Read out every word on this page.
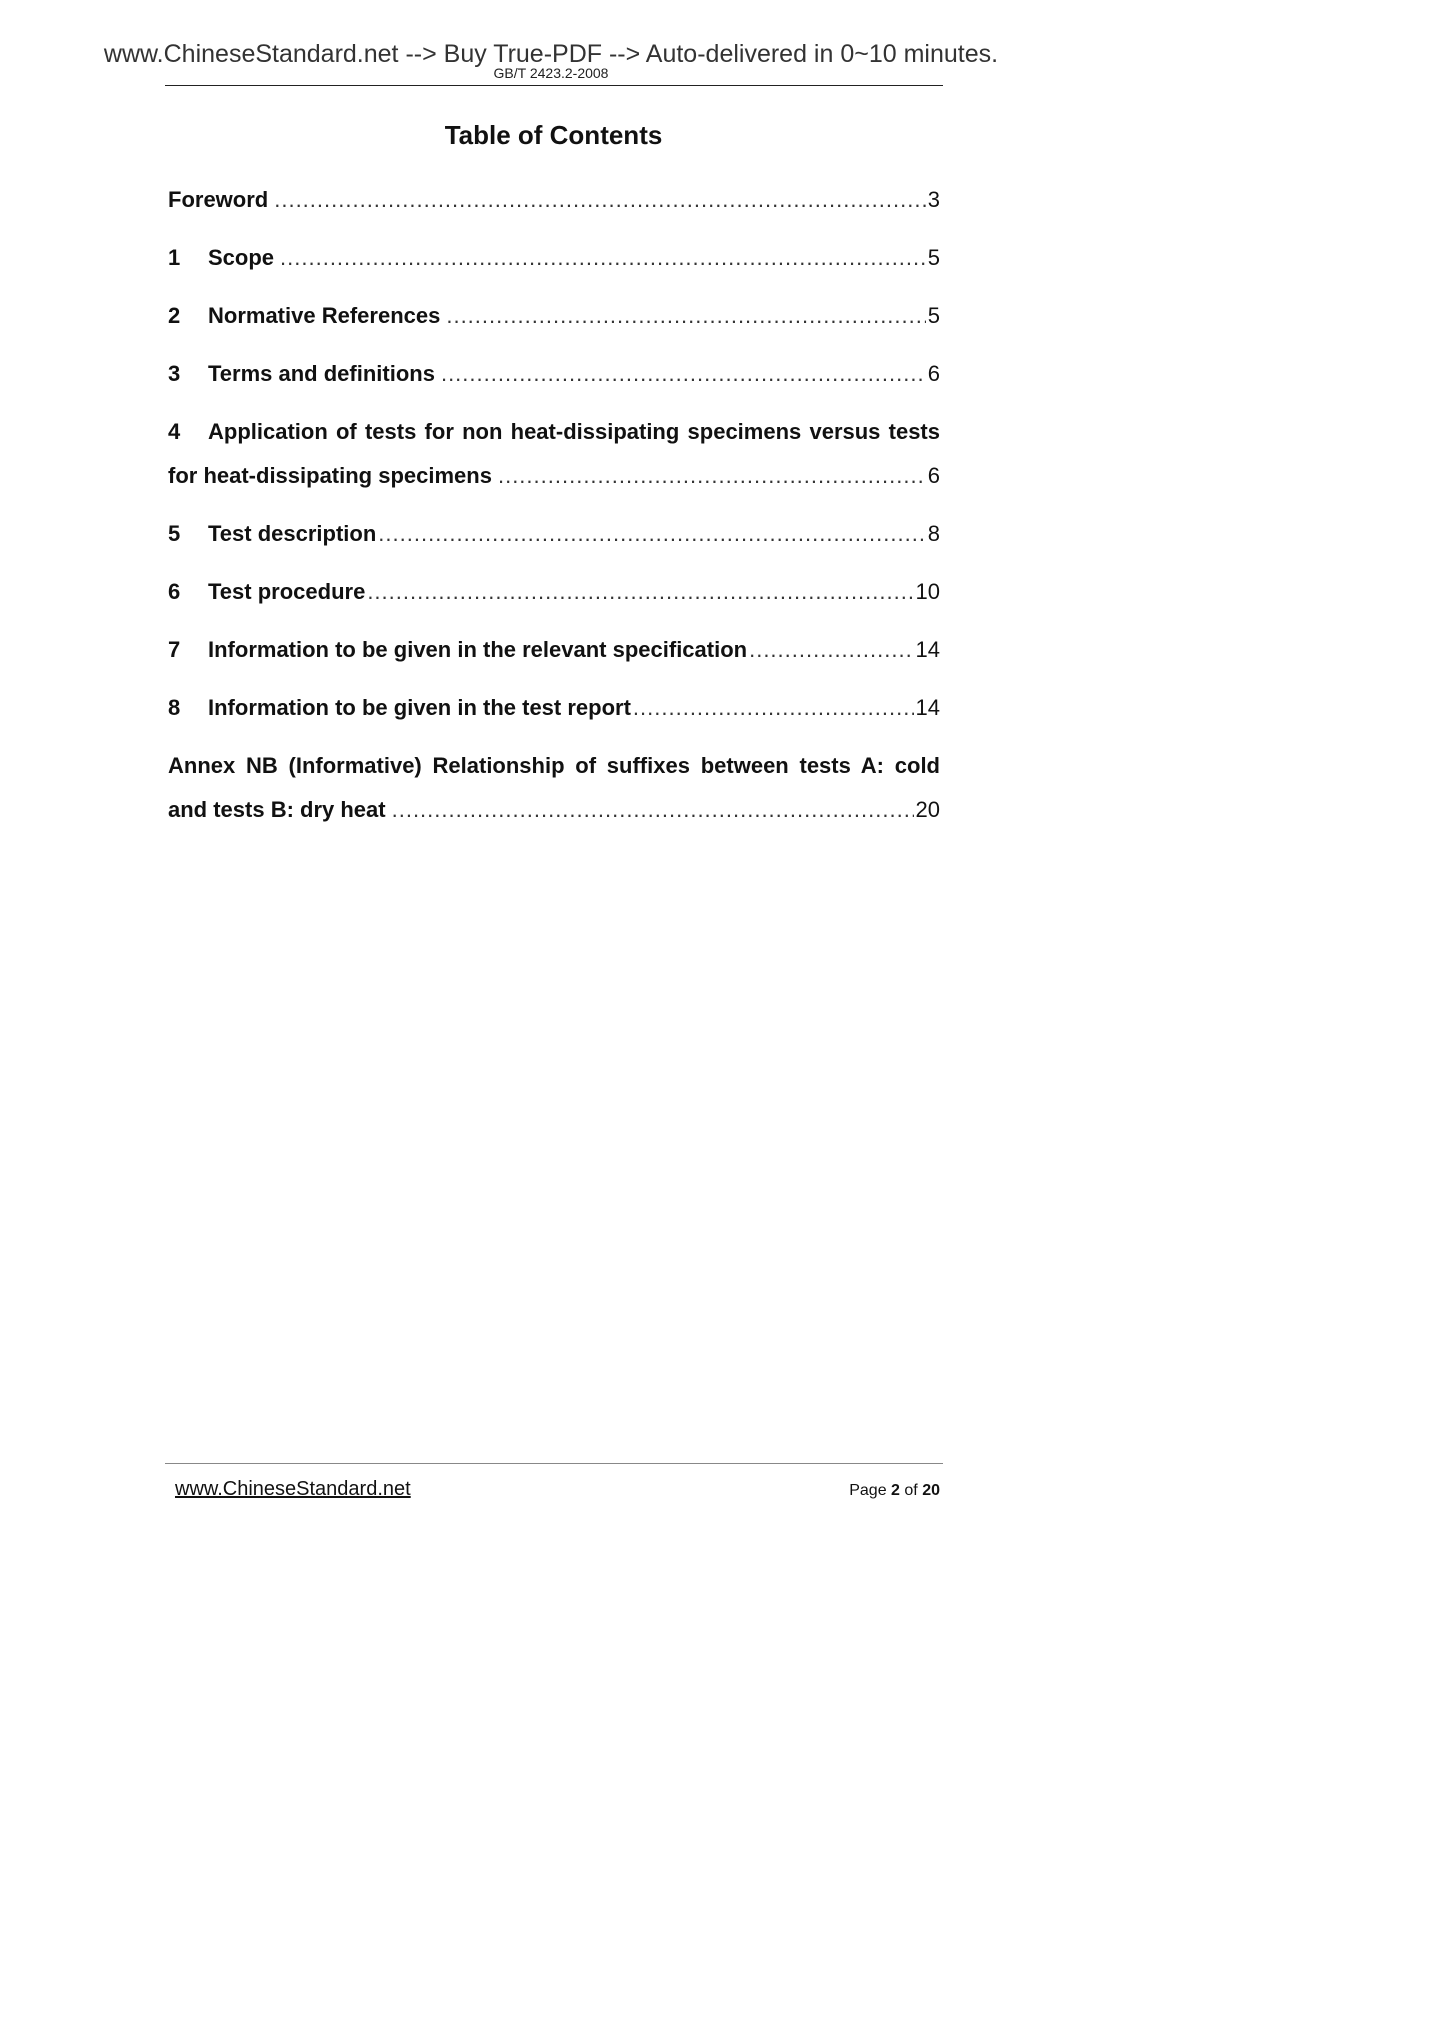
www.ChineseStandard.net --> Buy True-PDF --> Auto-delivered in 0~10 minutes.
GB/T 2423.2-2008
Table of Contents
Foreword .....	3
1	Scope .....	5
2	Normative References .....	5
3	Terms and definitions .....	6
4	Application of tests for non heat-dissipating specimens versus tests
for heat-dissipating specimens .....	6
5	Test description .....	8
6	Test procedure .....	10
7	Information to be given in the relevant specification .....	14
8	Information to be given in the test report .....	14
Annex NB (Informative) Relationship of suffixes between tests A: cold
and tests B: dry heat .....	20
www.ChineseStandard.net	Page 2 of 20
